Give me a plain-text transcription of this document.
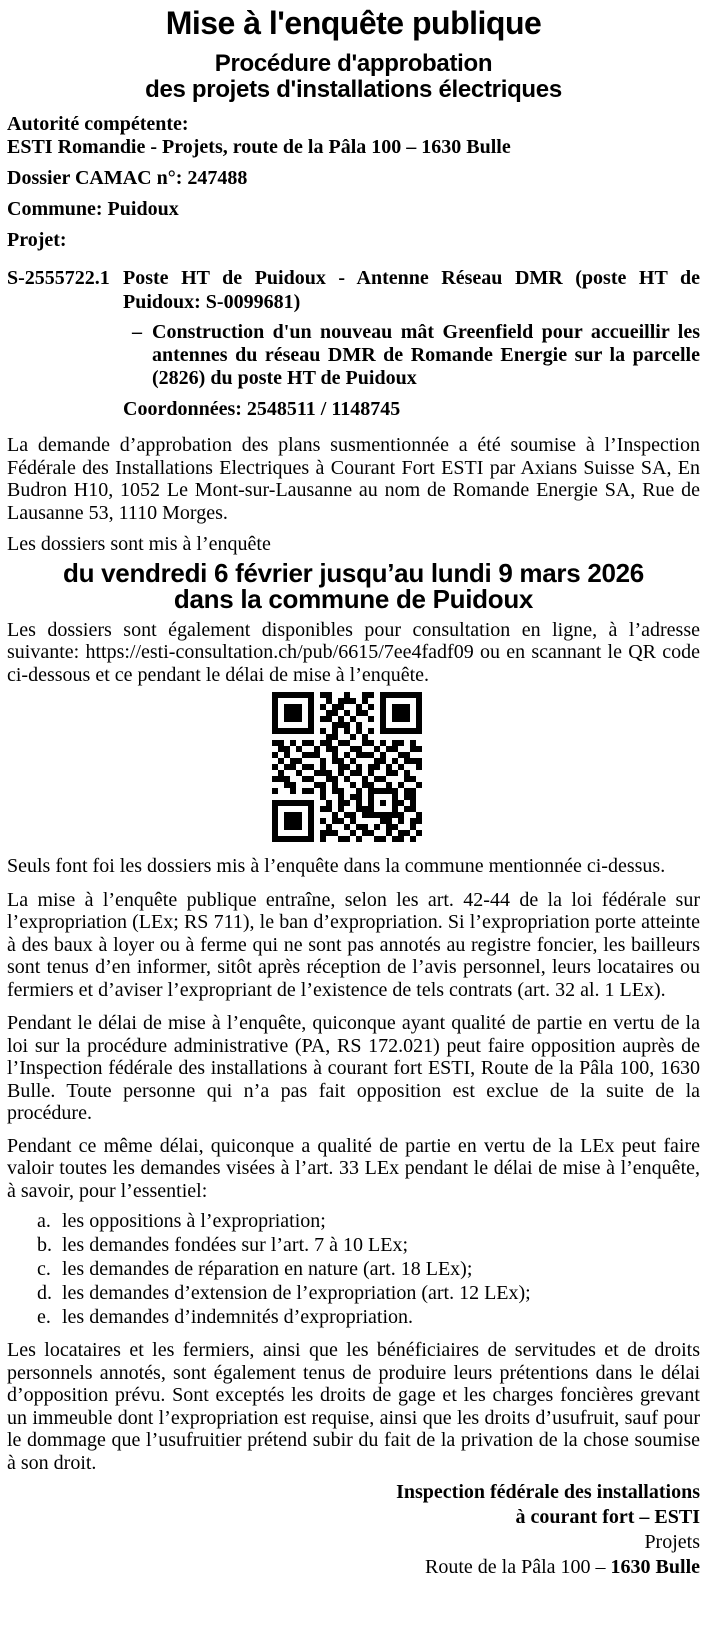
Mise à l'enquête publique
Procédure d'approbation
des projets d'installations électriques

Autorité compétente:

ESTI Romandie - Projets, route de la Pâla 100 – 1630 Bulle

Dossier CAMAC n°: 247488

Commune: Puidoux

Projet:

S-2555722.1 Poste HT de Puidoux - Antenne Réseau DMR (poste HT de Puidoux: S-0099681)

– Construction d'un nouveau mât Greenfield pour accueillir les antennes du réseau DMR de Romande Energie sur la parcelle (2826) du poste HT de Puidoux

Coordonnées: 2548511 / 1148745

La demande d’approbation des plans susmentionnée a été soumise à l’Inspection Fédérale des Installations Electriques à Courant Fort ESTI par Axians Suisse SA, En Budron H10, 1052 Le Mont-sur-Lausanne au nom de Romande Energie SA, Rue de Lausanne 53, 1110 Morges.

Les dossiers sont mis à l’enquête

du vendredi 6 février jusqu’au lundi 9 mars 2026
dans la commune de Puidoux

Les dossiers sont également disponibles pour consultation en ligne, à l’adresse suivante: https://esti-consultation.ch/pub/6615/7ee4fadf09 ou en scannant le QR code ci-dessous et ce pendant le délai de mise à l’enquête.

Seuls font foi les dossiers mis à l’enquête dans la commune mentionnée ci-dessus.

La mise à l’enquête publique entraîne, selon les art. 42-44 de la loi fédérale sur l’expropriation (LEx; RS 711), le ban d’expropriation. Si l’expropriation porte atteinte à des baux à loyer ou à ferme qui ne sont pas annotés au registre foncier, les bailleurs sont tenus d’en informer, sitôt après réception de l’avis personnel, leurs locataires ou fermiers et d’aviser l’expropriant de l’existence de tels contrats (art. 32 al. 1 LEx).

Pendant le délai de mise à l’enquête, quiconque ayant qualité de partie en vertu de la loi sur la procédure administrative (PA, RS 172.021) peut faire opposition auprès de l’Inspection fédérale des installations à courant fort ESTI, Route de la Pâla 100, 1630 Bulle. Toute personne qui n’a pas fait opposition est exclue de la suite de la procédure.

Pendant ce même délai, quiconque a qualité de partie en vertu de la LEx peut faire valoir toutes les demandes visées à l’art. 33 LEx pendant le délai de mise à l’enquête, à savoir, pour l’essentiel:

a. les oppositions à l’expropriation;
b. les demandes fondées sur l’art. 7 à 10 LEx;
c. les demandes de réparation en nature (art. 18 LEx);
d. les demandes d’extension de l’expropriation (art. 12 LEx);
e. les demandes d’indemnités d’expropriation.

Les locataires et les fermiers, ainsi que les bénéficiaires de servitudes et de droits personnels annotés, sont également tenus de produire leurs prétentions dans le délai d’opposition prévu. Sont exceptés les droits de gage et les charges foncières grevant un immeuble dont l’expropriation est requise, ainsi que les droits d’usufruit, sauf pour le dommage que l’usufruitier prétend subir du fait de la privation de la chose soumise à son droit.

Inspection fédérale des installations
à courant fort – ESTI
Projets
Route de la Pâla 100 – 1630 Bulle
